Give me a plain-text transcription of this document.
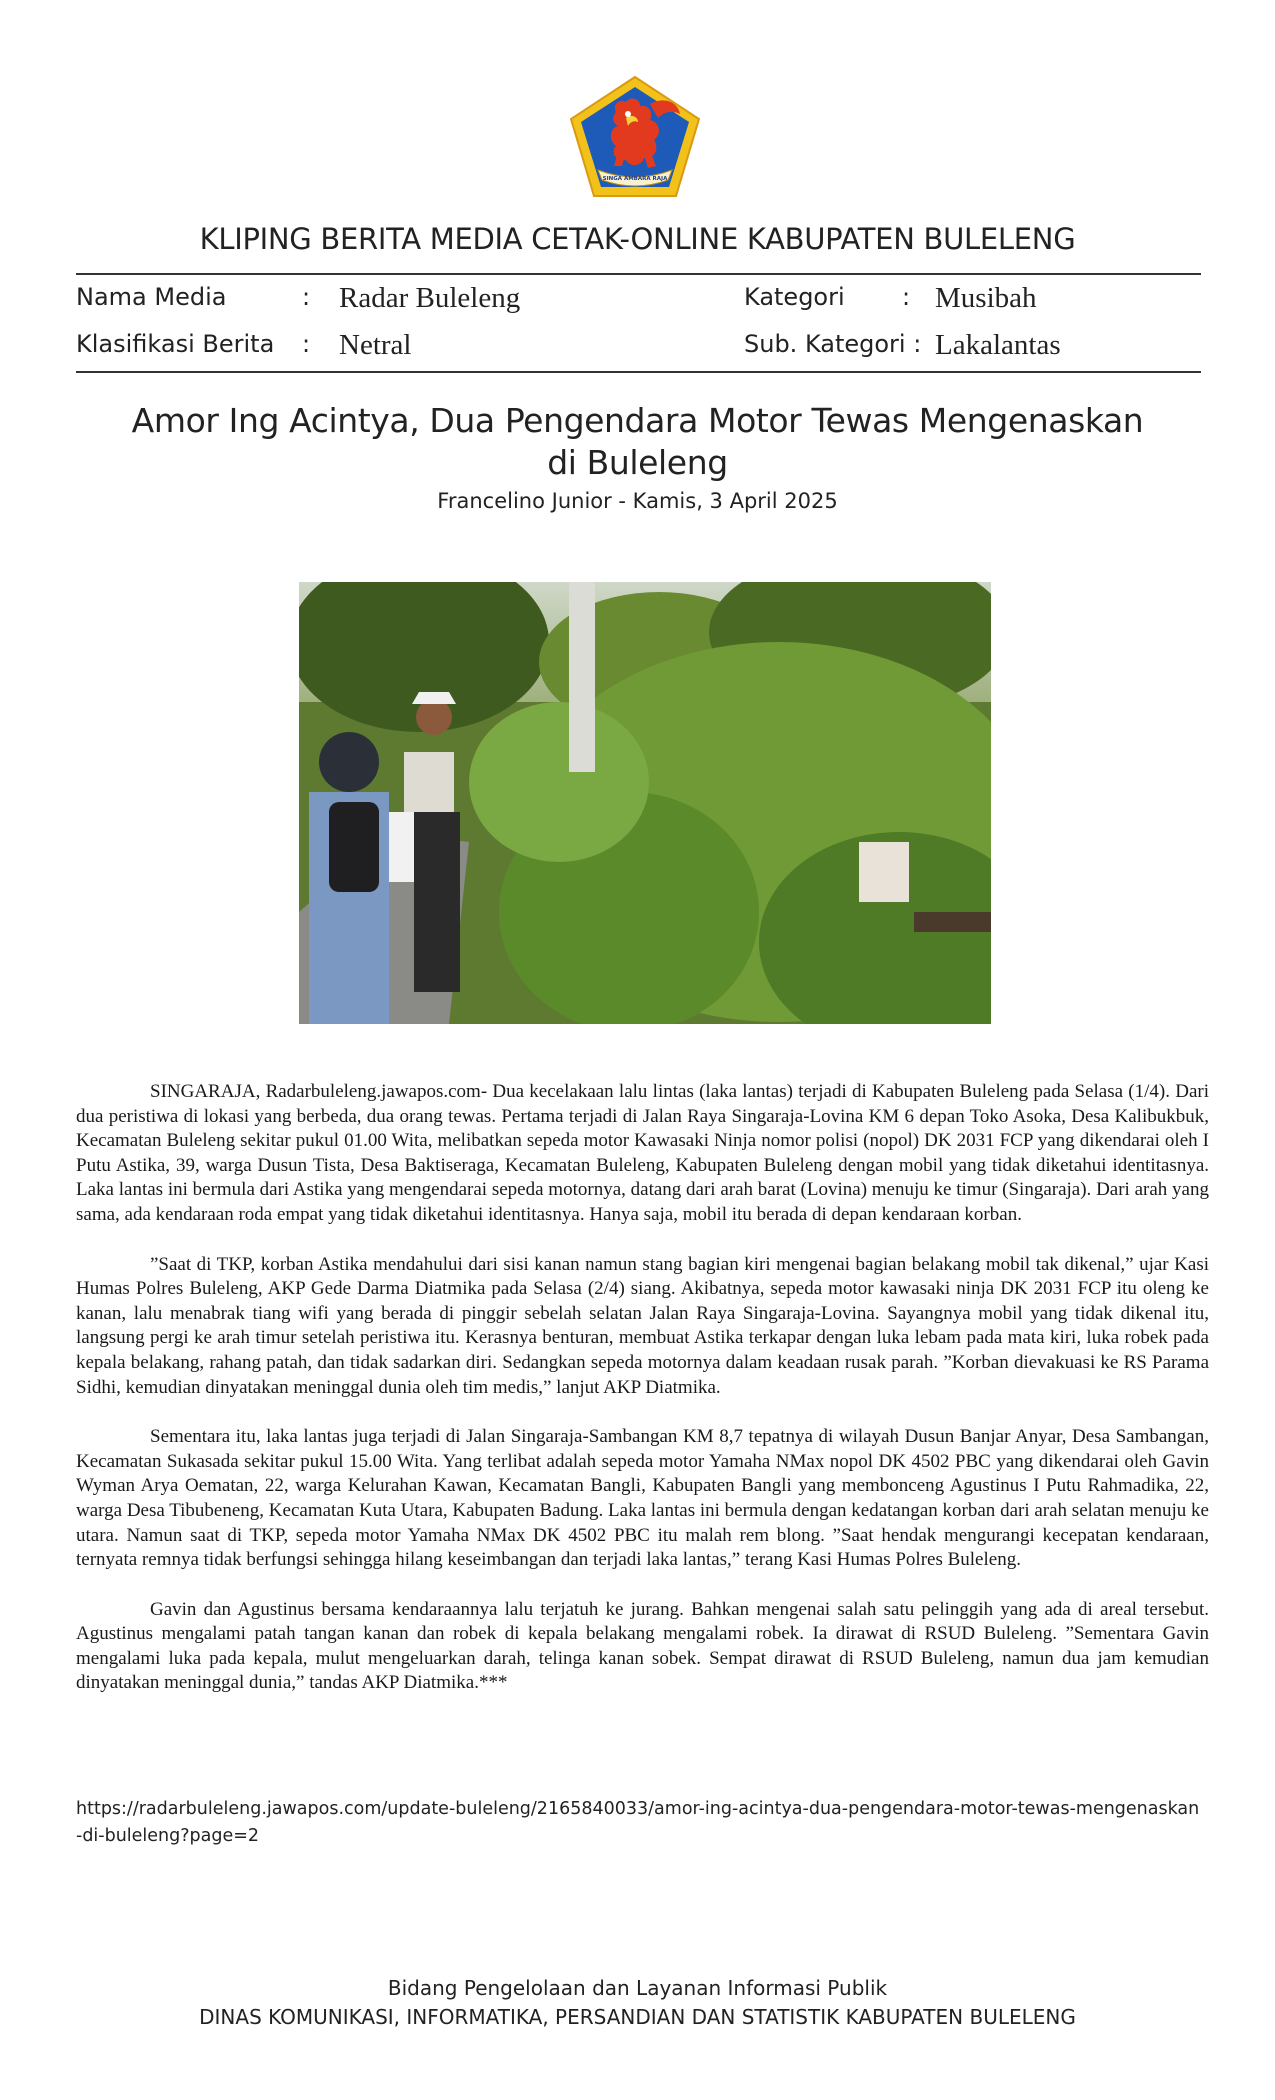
SINGA AMBARA RAJA
KLIPING BERITA MEDIA CETAK-ONLINE KABUPATEN BULELENG
Nama Media	: Radar Buleleng	Kategori : Musibah
Klasifikasi Berita : Netral	Sub. Kategori : Lakalantas
Amor Ing Acintya, Dua Pengendara Motor Tewas Mengenaskan di Buleleng
Francelino Junior - Kamis, 3 April 2025

SINGARAJA, Radarbuleleng.jawapos.com- Dua kecelakaan lalu lintas (laka lantas) terjadi di Kabupaten Buleleng pada Selasa (1/4). Dari dua peristiwa di lokasi yang berbeda, dua orang tewas. Pertama terjadi di Jalan Raya Singaraja-Lovina KM 6 depan Toko Asoka, Desa Kalibukbuk, Kecamatan Buleleng sekitar pukul 01.00 Wita, melibatkan sepeda motor Kawasaki Ninja nomor polisi (nopol) DK 2031 FCP yang dikendarai oleh I Putu Astika, 39, warga Dusun Tista, Desa Baktiseraga, Kecamatan Buleleng, Kabupaten Buleleng dengan mobil yang tidak diketahui identitasnya. Laka lantas ini bermula dari Astika yang mengendarai sepeda motornya, datang dari arah barat (Lovina) menuju ke timur (Singaraja). Dari arah yang sama, ada kendaraan roda empat yang tidak diketahui identitasnya. Hanya saja, mobil itu berada di depan kendaraan korban.

”Saat di TKP, korban Astika mendahului dari sisi kanan namun stang bagian kiri mengenai bagian belakang mobil tak dikenal,” ujar Kasi Humas Polres Buleleng, AKP Gede Darma Diatmika pada Selasa (2/4) siang. Akibatnya, sepeda motor kawasaki ninja DK 2031 FCP itu oleng ke kanan, lalu menabrak tiang wifi yang berada di pinggir sebelah selatan Jalan Raya Singaraja-Lovina. Sayangnya mobil yang tidak dikenal itu, langsung pergi ke arah timur setelah peristiwa itu. Kerasnya benturan, membuat Astika terkapar dengan luka lebam pada mata kiri, luka robek pada kepala belakang, rahang patah, dan tidak sadarkan diri. Sedangkan sepeda motornya dalam keadaan rusak parah. ”Korban dievakuasi ke RS Parama Sidhi, kemudian dinyatakan meninggal dunia oleh tim medis,” lanjut AKP Diatmika.

Sementara itu, laka lantas juga terjadi di Jalan Singaraja-Sambangan KM 8,7 tepatnya di wilayah Dusun Banjar Anyar, Desa Sambangan, Kecamatan Sukasada sekitar pukul 15.00 Wita. Yang terlibat adalah sepeda motor Yamaha NMax nopol DK 4502 PBC yang dikendarai oleh Gavin Wyman Arya Oematan, 22, warga Kelurahan Kawan, Kecamatan Bangli, Kabupaten Bangli yang membonceng Agustinus I Putu Rahmadika, 22, warga Desa Tibubeneng, Kecamatan Kuta Utara, Kabupaten Badung. Laka lantas ini bermula dengan kedatangan korban dari arah selatan menuju ke utara. Namun saat di TKP, sepeda motor Yamaha NMax DK 4502 PBC itu malah rem blong. ”Saat hendak mengurangi kecepatan kendaraan, ternyata remnya tidak berfungsi sehingga hilang keseimbangan dan terjadi laka lantas,” terang Kasi Humas Polres Buleleng.

Gavin dan Agustinus bersama kendaraannya lalu terjatuh ke jurang. Bahkan mengenai salah satu pelinggih yang ada di areal tersebut. Agustinus mengalami patah tangan kanan dan robek di kepala belakang mengalami robek. Ia dirawat di RSUD Buleleng. ”Sementara Gavin mengalami luka pada kepala, mulut mengeluarkan darah, telinga kanan sobek. Sempat dirawat di RSUD Buleleng, namun dua jam kemudian dinyatakan meninggal dunia,” tandas AKP Diatmika.***

https://radarbuleleng.jawapos.com/update-buleleng/2165840033/amor-ing-acintya-dua-pengendara-motor-tewas-mengenaskan-di-buleleng?page=2
Bidang Pengelolaan dan Layanan Informasi Publik
DINAS KOMUNIKASI, INFORMATIKA, PERSANDIAN DAN STATISTIK KABUPATEN BULELENG
